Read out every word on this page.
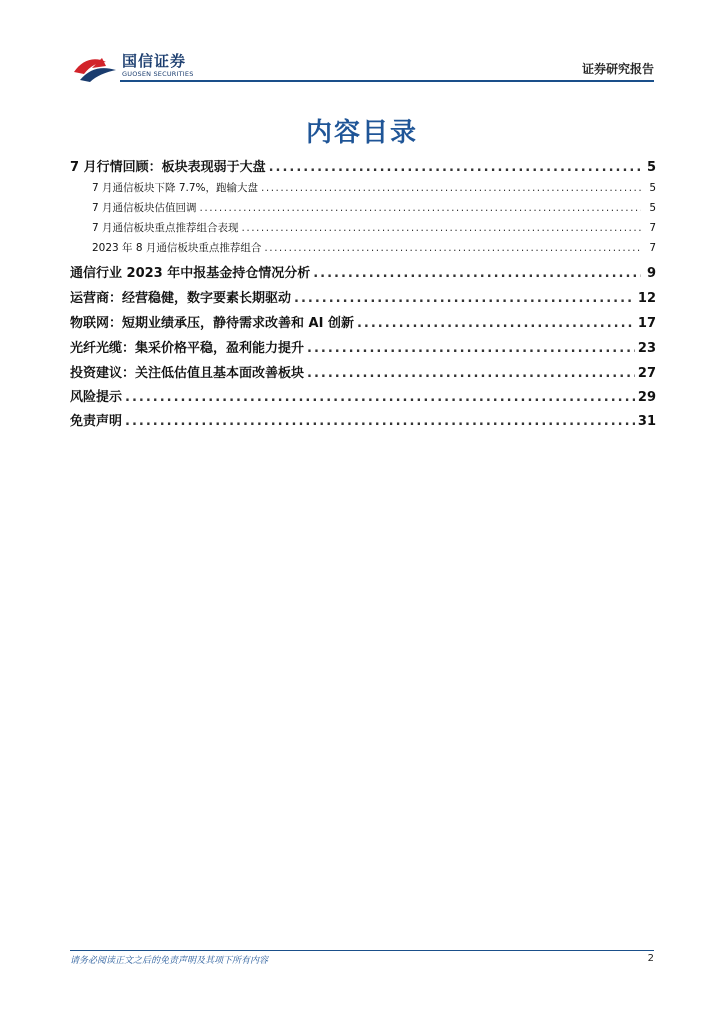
国信证券
GUOSEN SECURITIES	证券研究报告
内容目录
7 月行情回顾：板块表现弱于大盘 .....	5
7 月通信板块下降 7.7%，跑输大盘 .....	5
7 月通信板块估值回调 .....	5
7 月通信板块重点推荐组合表现 .....	7
2023 年 8 月通信板块重点推荐组合 .....	7
通信行业 2023 年中报基金持仓情况分析 .....	9
运营商：经营稳健，数字要素长期驱动 .....	12
物联网：短期业绩承压，静待需求改善和 AI 创新 .....	17
光纤光缆：集采价格平稳，盈利能力提升 .....	23
投资建议：关注低估值且基本面改善板块 .....	27
风险提示 .....	29
免责声明 .....	31
请务必阅读正文之后的免责声明及其项下所有内容	2
